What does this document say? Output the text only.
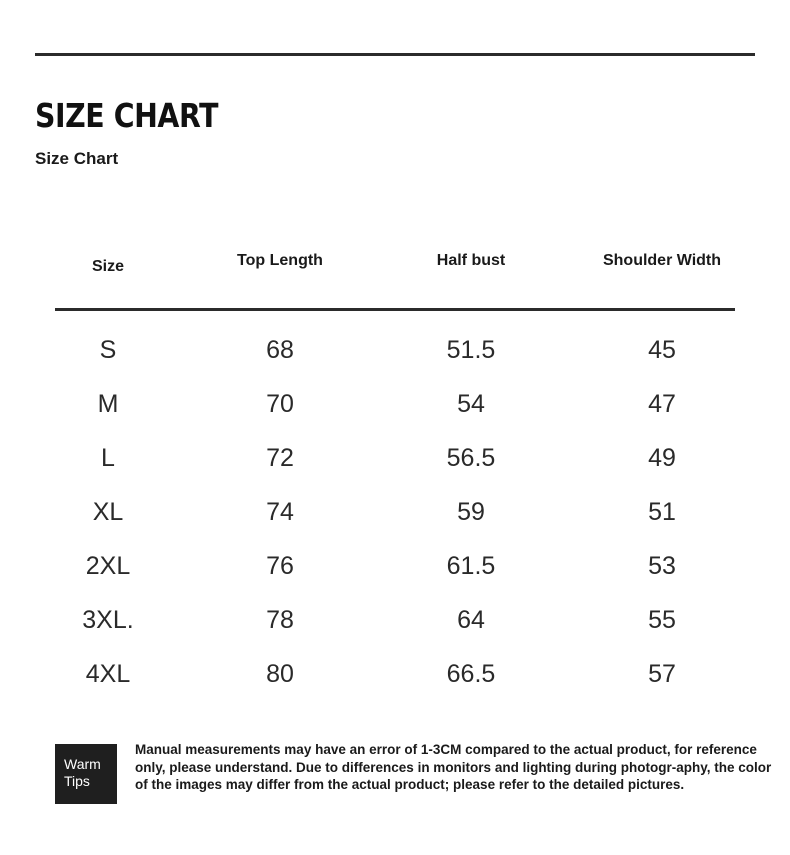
SIZE CHART
Size Chart
Size	Top Length	Half bust	Shoulder Width
S	68	51.5	45
M	70	54	47
L	72	56.5	49
XL	74	59	51
2XL	76	61.5	53
3XL.	78	64	55
4XL	80	66.5	57
Warm
Tips
Manual measurements may have an error of 1-3CM compared to the actual product, for reference only, please understand. Due to differences in monitors and lighting during photogr-aphy, the color of the images may differ from the actual product; please refer to the detailed pictures.
